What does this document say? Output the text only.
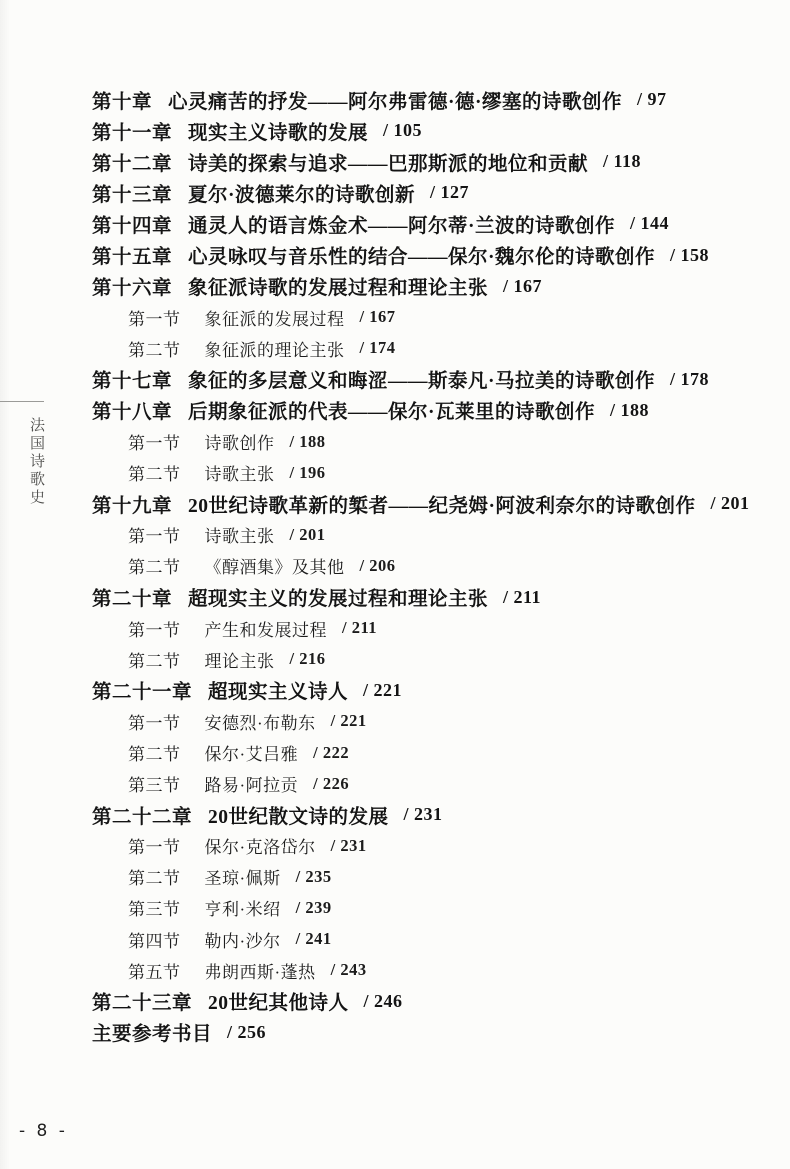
法国诗歌史
第十章 心灵痛苦的抒发——阿尔弗雷德·德·缪塞的诗歌创作 / 97
第十一章 现实主义诗歌的发展 / 105
第十二章 诗美的探索与追求——巴那斯派的地位和贡献 / 118
第十三章 夏尔·波德莱尔的诗歌创新 / 127
第十四章 通灵人的语言炼金术——阿尔蒂·兰波的诗歌创作 / 144
第十五章 心灵咏叹与音乐性的结合——保尔·魏尔伦的诗歌创作 / 158
第十六章 象征派诗歌的发展过程和理论主张 / 167
第一节 象征派的发展过程 / 167
第二节 象征派的理论主张 / 174
第十七章 象征的多层意义和晦涩——斯泰凡·马拉美的诗歌创作 / 178
第十八章 后期象征派的代表——保尔·瓦莱里的诗歌创作 / 188
第一节 诗歌创作 / 188
第二节 诗歌主张 / 196
第十九章 20世纪诗歌革新的椠者——纪尧姆·阿波利奈尔的诗歌创作 / 201
第一节 诗歌主张 / 201
第二节 《醇酒集》及其他 / 206
第二十章 超现实主义的发展过程和理论主张 / 211
第一节 产生和发展过程 / 211
第二节 理论主张 / 216
第二十一章 超现实主义诗人 / 221
第一节 安德烈·布勒东 / 221
第二节 保尔·艾吕雅 / 222
第三节 路易·阿拉贡 / 226
第二十二章 20世纪散文诗的发展 / 231
第一节 保尔·克洛岱尔 / 231
第二节 圣琼·佩斯 / 235
第三节 亨利·米绍 / 239
第四节 勒内·沙尔 / 241
第五节 弗朗西斯·蓬热 / 243
第二十三章 20世纪其他诗人 / 246
主要参考书目 / 256
- 8 -
